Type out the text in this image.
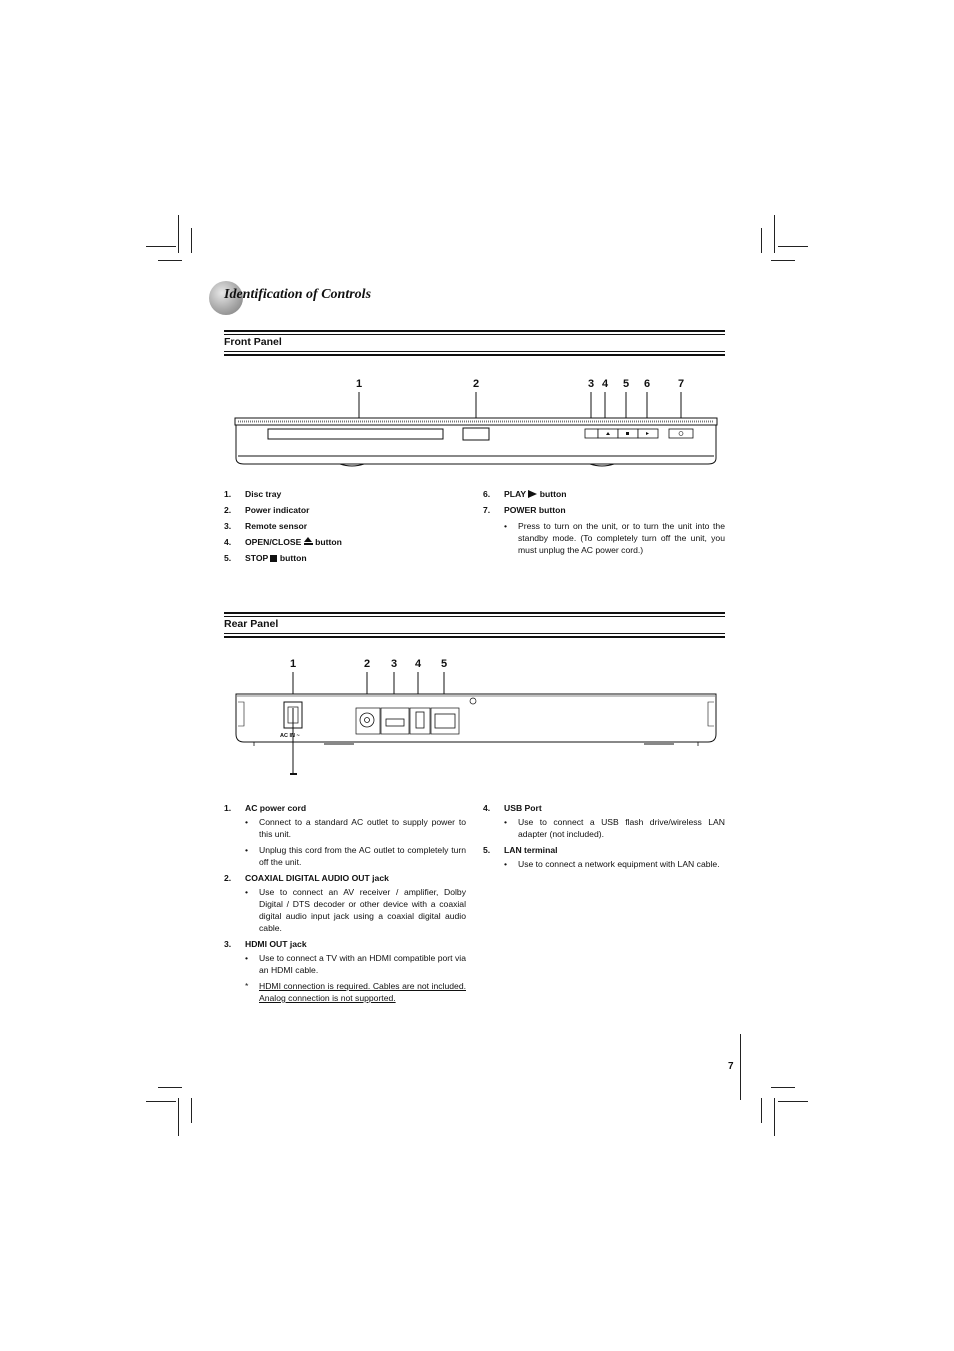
Identification of Controls
Front Panel
1	2	3 4	5	6	7
1.	Disc tray
2.	Power indicator
3.	Remote sensor
4.	OPEN/CLOSE button
5.	STOP button
6.	PLAY button
7.	POWER button
•	Press to turn on the unit, or to turn the unit into the standby mode. (To completely turn off the unit, you must unplug the AC power cord.)
Rear Panel
1	2	3	4	5
AC IN ~
1.	AC power cord
•	Connect to a standard AC outlet to supply power to this unit.
•	Unplug this cord from the AC outlet to completely turn off the unit.
2.	COAXIAL DIGITAL AUDIO OUT jack
•	Use to connect an AV receiver / amplifier, Dolby Digital / DTS decoder or other device with a coaxial digital audio input jack using a coaxial digital audio cable.
3.	HDMI OUT jack
•	Use to connect a TV with an HDMI compatible port via an HDMI cable.
*	HDMI connection is required. Cables are not included. Analog connection is not supported.
4.	USB Port
•	Use to connect a USB flash drive/wireless LAN adapter (not included).
5.	LAN terminal
•	Use to connect a network equipment with LAN cable.
7
